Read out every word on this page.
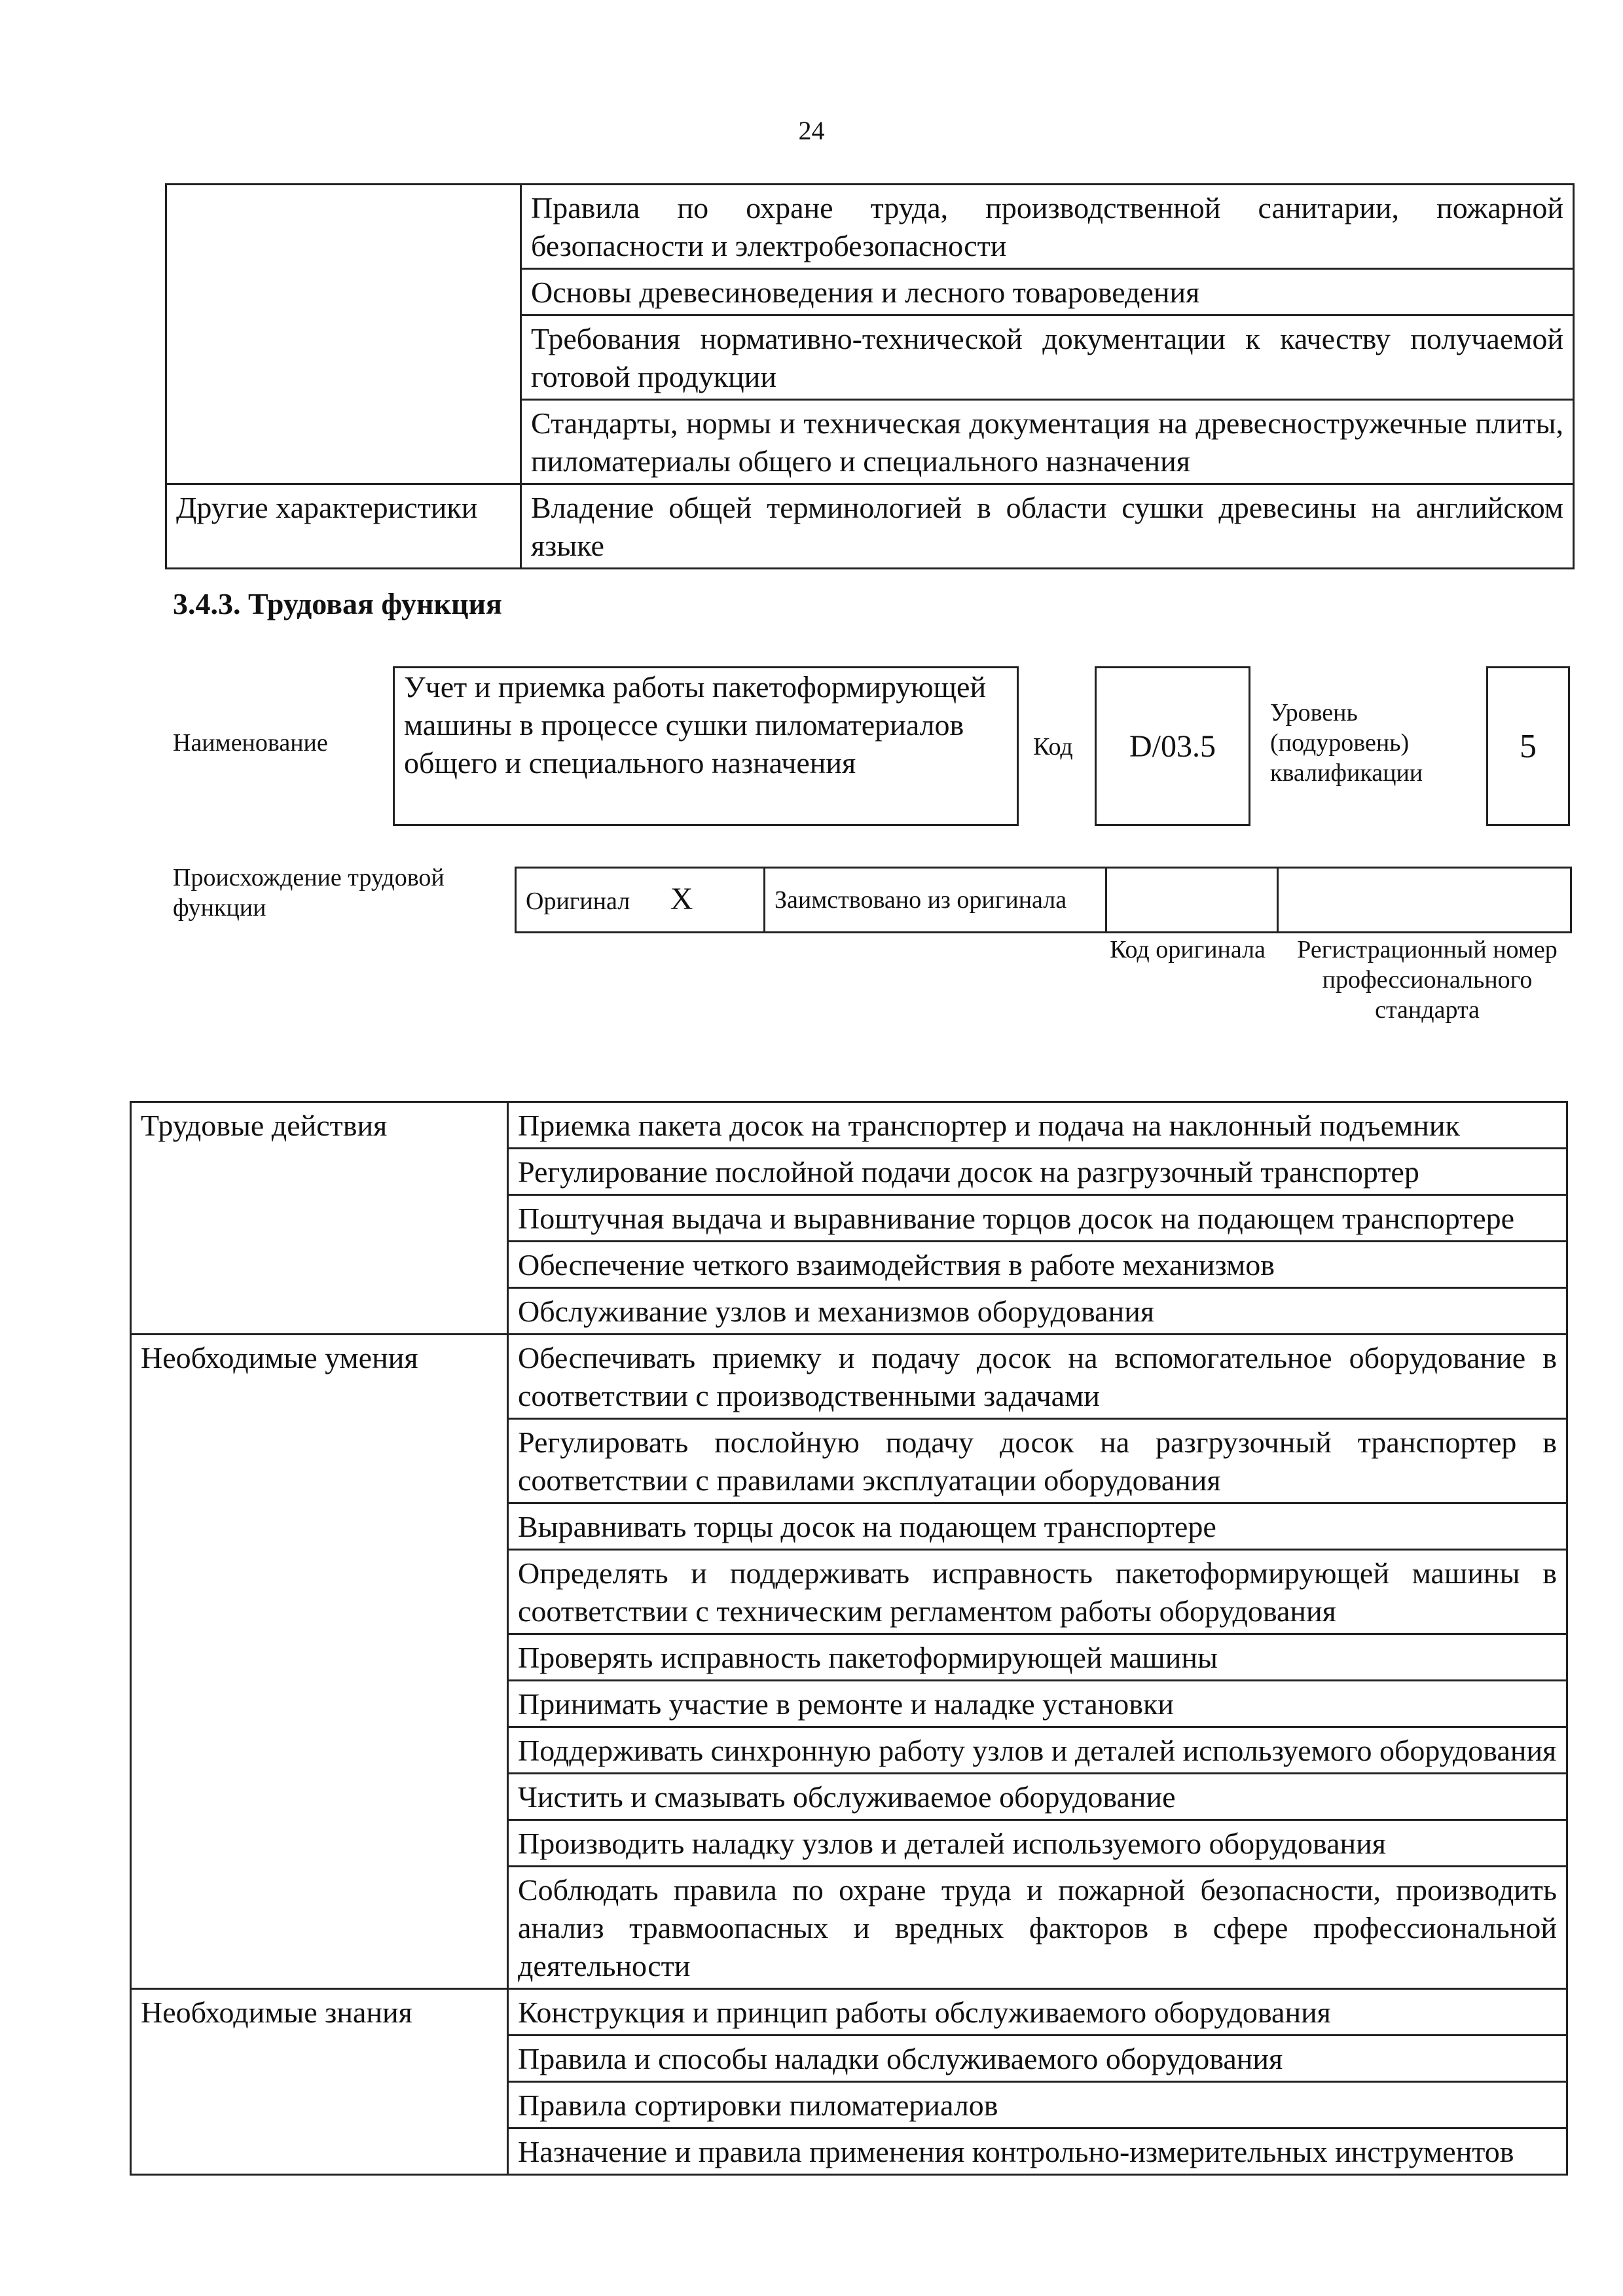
24
	Правила по охране труда, производственной санитарии, пожарной безопасности и электробезопасности
	Основы древесиноведения и лесного товароведения
	Требования нормативно-технической документации к качеству получаемой готовой продукции
	Стандарты, нормы и техническая документация на древесностружечные плиты, пиломатериалы общего и специального назначения
Другие характеристики	Владение общей терминологией в области сушки древесины на английском языке
3.4.3. Трудовая функция
Наименование
Учет и приемка работы пакетоформирующей машины в процессе сушки пиломатериалов общего и специального назначения	Код	D/03.5
Уровень (подуровень) квалификации
5
Происхождение трудовой функции	Оригинал X	Заимствовано из оригинала		
Код оригинала	Регистрационный номер профессионального стандарта
Трудовые действия	Приемка пакета досок на транспортер и подача на наклонный подъемник
	Регулирование послойной подачи досок на разгрузочный транспортер
	Поштучная выдача и выравнивание торцов досок на подающем транспортере
	Обеспечение четкого взаимодействия в работе механизмов
	Обслуживание узлов и механизмов оборудования
Необходимые умения	Обеспечивать приемку и подачу досок на вспомогательное оборудование в соответствии с производственными задачами
	Регулировать послойную подачу досок на разгрузочный транспортер в соответствии с правилами эксплуатации оборудования
	Выравнивать торцы досок на подающем транспортере
	Определять и поддерживать исправность пакетоформирующей машины в соответствии с техническим регламентом работы оборудования
	Проверять исправность пакетоформирующей машины
	Принимать участие в ремонте и наладке установки
	Поддерживать синхронную работу узлов и деталей используемого оборудования
	Чистить и смазывать обслуживаемое оборудование
	Производить наладку узлов и деталей используемого оборудования
	Соблюдать правила по охране труда и пожарной безопасности, производить анализ травмоопасных и вредных факторов в сфере профессиональной деятельности
Необходимые знания	Конструкция и принцип работы обслуживаемого оборудования
	Правила и способы наладки обслуживаемого оборудования
	Правила сортировки пиломатериалов
	Назначение и правила применения контрольно-измерительных инструментов
